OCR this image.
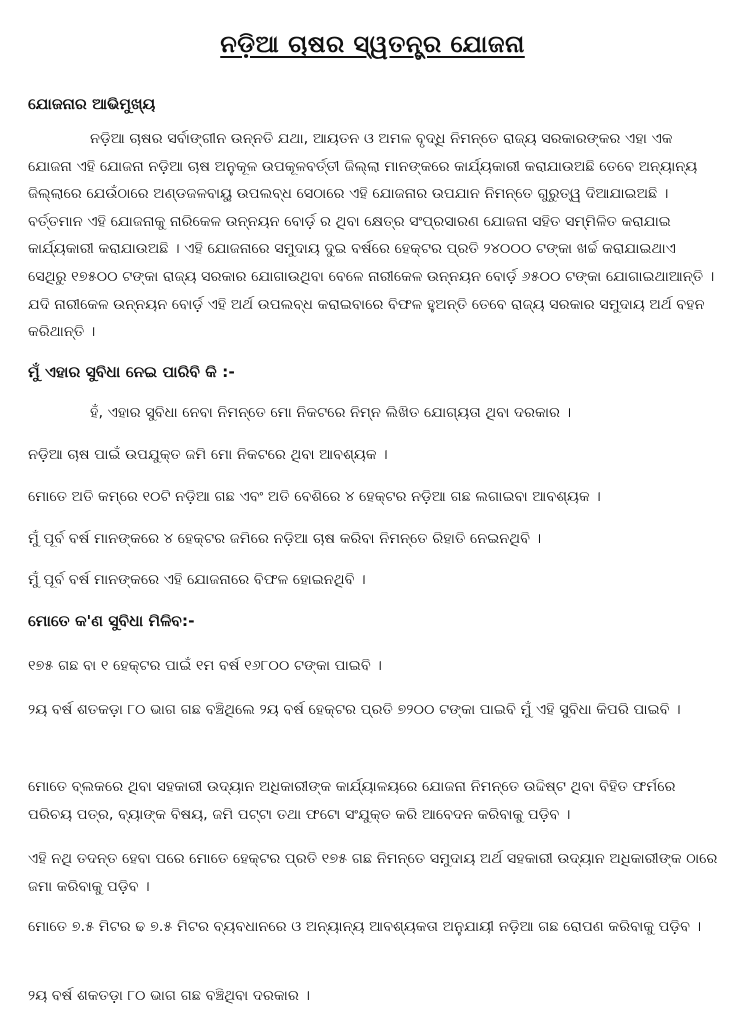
ନଡ଼ିଆ ଚାଷର ସ୍ୱତନ୍ତ୍ର ଯୋଜନା
ଯୋଜନାର ଆଭିମୁଖ୍ୟ
ନଡ଼ିଆ ଚାଷର ସର୍ବାଙ୍ଗୀନ ଉନ୍ନତି ଯଥା, ଆୟତନ ଓ ଅମଳ ବୃଦ୍ଧି ନିମନ୍ତେ ରାଜ୍ୟ ସରକାରଙ୍କର ଏହା ଏକ ଯୋଜନା ଏହି ଯୋଜନା ନଡ଼ିଆ ଚାଷ ଅନୁକୂଳ ଉପକୂଳବର୍ତ୍ତୀ ଜିଲ୍ଲା ମାନଙ୍କରେ କାର୍ଯ୍ୟକାରୀ କରାଯାଉଅଛି ତେବେ ଅନ୍ୟାନ୍ୟ ଜିଲ୍ଲାରେ ଯେଉଁଠାରେ ଅଣ୍ଡଜଳବାୟୁ ଉପଲବ୍ଧ ସେଠାରେ ଏହି ଯୋଜନାର ଉପଯାନ ନିମନ୍ତେ ଗୁରୁତ୍ୱ ଦିଆଯାଇଅଛି । ବର୍ତ୍ତମାନ ଏହି ଯୋଜନାକୁ ନାରିକେଳ ଉନ୍ନୟନ ବୋର୍ଡ଼ ର ଥିବା କ୍ଷେତ୍ର ସଂପ୍ରସାରଣ ଯୋଜନା ସହିତ ସମ୍ମିଳିତ କରାଯାଇ କାର୍ଯ୍ୟକାରୀ କରାଯାଉଅଛି । ଏହି ଯୋଜନାରେ ସମୁଦାୟ ଦୁଇ ବର୍ଷରେ ହେକ୍ଟର ପ୍ରତି ୨୪୦୦୦ ଟଙ୍କା ଖର୍ଚ୍ଚ କରାଯାଇଥାଏ ସେଥିରୁ ୧୭୫୦୦ ଟଙ୍କା ରାଜ୍ୟ ସରକାର ଯୋଗାଉଥିବା ବେଳେ ନାରୀକେଳ ଉନ୍ନୟନ ବୋର୍ଡ଼ ୬୫୦୦ ଟଙ୍କା ଯୋଗାଇଥାଆନ୍ତି । ଯଦି ନାରୀକେଳ ଉନ୍ନୟନ ବୋର୍ଡ଼ ଏହି ଅର୍ଥ ଉପଲବ୍ଧ କରାଇବାରେ ବିଫଳ ହୁଅନ୍ତି ତେବେ ରାଜ୍ୟ ସରକାର ସମୁଦାୟ ଅର୍ଥ ବହନ କରିଥାନ୍ତି ।
ମୁଁ ଏହାର ସୁବିଧା ନେଇ ପାରିବି କି :-
ହଁ, ଏହାର ସୁବିଧା ନେବା ନିମନ୍ତେ ମୋ ନିକଟରେ ନିମ୍ନ ଲିଖିତ ଯୋଗ୍ୟତା ଥିବା ଦରକାର ।
ନଡ଼ିଆ ଚାଷ ପାଇଁ ଉପଯୁକ୍ତ ଜମି ମୋ ନିକଟରେ ଥିବା ଆବଶ୍ୟକ ।
ମୋତେ ଅତି କମ୍‌ରେ ୧୦ଟି ନଡ଼ିଆ ଗଛ ଏବଂ ଅତି ବେଶିରେ ୪ ହେକ୍ଟର ନଡ଼ିଆ ଗଛ ଲଗାଇବା ଆବଶ୍ୟକ ।
ମୁଁ ପୂର୍ବ ବର୍ଷ ମାନଙ୍କରେ ୪ ହେକ୍ଟର ଜମିରେ ନଡ଼ିଆ ଚାଷ କରିବା ନିମନ୍ତେ ରିହାତି ନେଇନଥିବି ।
ମୁଁ ପୂର୍ବ ବର୍ଷ ମାନଙ୍କରେ ଏହି ଯୋଜନାରେ ବିଫଳ ହୋଇନଥିବି ।
ମୋତେ କ'ଣ ସୁବିଧା ମିଳିବ:-
୧୭୫ ଗଛ ବା ୧ ହେକ୍ଟର ପାଇଁ ୧ମ ବର୍ଷ ୧୬୮୦୦ ଟଙ୍କା ପାଇବି ।
୨ୟ ବର୍ଷ ଶତକଡ଼ା ୮୦ ଭାଗ ଗଛ ବଞ୍ଚିଥିଲେ ୨ୟ ବର୍ଷ ହେକ୍ଟର ପ୍ରତି ୭୨୦୦ ଟଙ୍କା ପାଇବି ମୁଁ ଏହି ସୁବିଧା କିପରି ପାଇବି ।
ମୋତେ ବ୍ଲକରେ ଥିବା ସହକାରୀ ଉଦ୍ୟାନ ଅଧିକାରୀଙ୍କ କାର୍ଯ୍ୟାଳୟରେ ଯୋଜନା ନିମନ୍ତେ ଉଦ୍ଦିଷ୍ଟ ଥିବା ବିହିତ ଫର୍ମରେ ପରିଚୟ ପତ୍ର, ବ୍ୟାଙ୍କ ବିଷୟ, ଜମି ପଟ୍ଟା ତଥା ଫଟୋ ସଂଯୁକ୍ତ କରି ଆବେଦନ କରିବାକୁ ପଡ଼ିବ ।
ଏହି ନଥି ତଦନ୍ତ ହେବା ପରେ ମୋତେ ହେକ୍ଟର ପ୍ରତି ୧୭୫ ଗଛ ନିମନ୍ତେ ସମୁଦାୟ ଅର୍ଥ ସହକାରୀ ଉଦ୍ୟାନ ଅଧିକାରୀଙ୍କ ଠାରେ ଜମା କରିବାକୁ ପଡ଼ିବ ।
ମୋତେ ୭.୫ ମିଟର ଢ ୭.୫ ମିଟର ବ୍ୟବଧାନରେ ଓ ଅନ୍ୟାନ୍ୟ ଆବଶ୍ୟକତା ଅନୁଯାୟୀ ନଡ଼ିଆ ଗଛ ରୋପଣ କରିବାକୁ ପଡ଼ିବ ।
୨ୟ ବର୍ଷ ଶକତଡ଼ା ୮୦ ଭାଗ ଗଛ ବଞ୍ଚିଥିବା ଦରକାର ।
